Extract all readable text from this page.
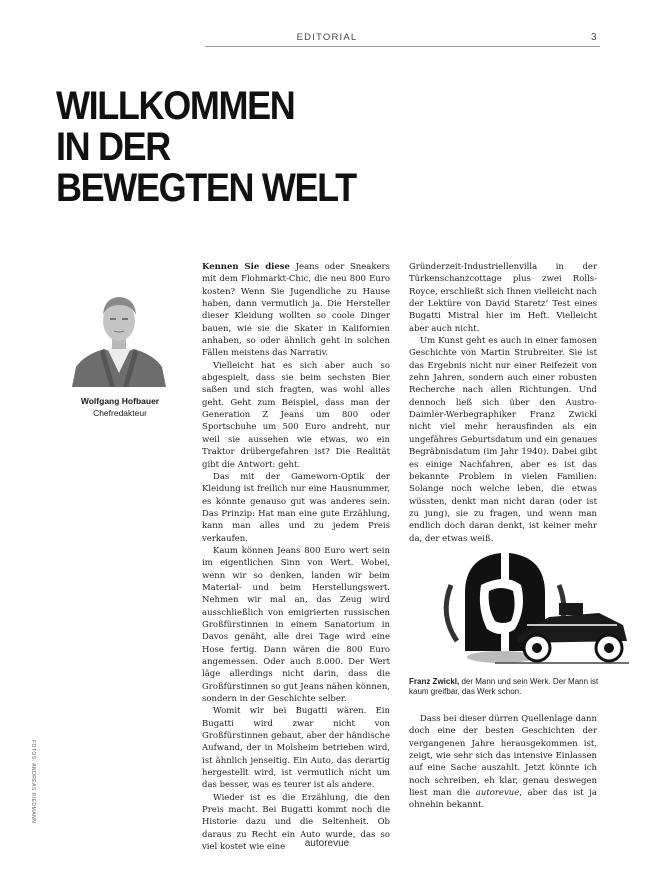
EDITORIAL	3
WILLKOMMEN
IN DER
BEWEGTEN WELT
Wolfgang Hofbauer
Chefredakteur

Kennen Sie diese Jeans oder Sneakers mit dem Flohmarkt-Chic, die neu 800 Euro kosten? Wenn Sie Jugendliche zu Hause haben, dann vermutlich ja. Die Hersteller dieser Kleidung wollten so coole Dinger bauen, wie sie die Skater in Kalifornien anhaben, so oder ähnlich geht in solchen Fällen meistens das Narrativ.

Vielleicht hat es sich aber auch so abgespielt, dass sie beim sechsten Bier saßen und sich fragten, was wohl alles geht. Geht zum Beispiel, dass man der Generation Z Jeans um 800 oder Sportschuhe um 500 Euro andreht, nur weil sie aussehen wie etwas, wo ein Traktor drübergefahren ist? Die Realität gibt die Antwort: geht.

Das mit der Gameworn-Optik der Kleidung ist freilich nur eine Hausnummer, es könnte genauso gut was anderes sein. Das Prinzip: Hat man eine gute Erzählung, kann man alles und zu jedem Preis verkaufen.

Kaum können Jeans 800 Euro wert sein im eigentlichen Sinn von Wert. Wobei, wenn wir so denken, landen wir beim Material- und beim Herstellungswert. Nehmen wir mal an, das Zeug wird ausschließlich von emigrierten russischen Großfürstinnen in einem Sanatorium in Davos genäht, alle drei Tage wird eine Hose fertig. Dann wären die 800 Euro angemessen. Oder auch 8.000. Der Wert läge allerdings nicht darin, dass die Großfürstinnen so gut Jeans nähen können, sondern in der Geschichte selber.

Womit wir bei Bugatti wären. Ein Bugatti wird zwar nicht von Großfürstinnen gebaut, aber der händische Aufwand, der in Molsheim betrieben wird, ist ähnlich jenseitig. Ein Auto, das derartig hergestellt wird, ist vermutlich nicht um das besser, was es teurer ist als andere.

Wieder ist es die Erzählung, die den Preis macht. Bei Bugatti kommt noch die Historie dazu und die Seltenheit. Ob daraus zu Recht ein Auto wurde, das so viel kostet wie eine

Gründerzeit-Industriellenvilla in der Türkenschanzcottage plus zwei Rolls-Royce, erschließt sich Ihnen vielleicht nach der Lektüre von David Staretz’ Test eines Bugatti Mistral hier im Heft. Vielleicht aber auch nicht.

Um Kunst geht es auch in einer famosen Geschichte von Martin Strubreiter. Sie ist das Ergebnis nicht nur einer Reifezeit von zehn Jahren, sondern auch einer robusten Recherche nach allen Richtungen. Und dennoch ließ sich über den Austro-Daimler-Werbegraphiker Franz Zwickl nicht viel mehr herausfinden als ein ungefähres Geburtsdatum und ein genaues Begräbnisdatum (im Jahr 1940). Dabei gibt es einige Nachfahren, aber es ist das bekannte Problem in vielen Familien: Solange noch welche leben, die etwas wüssten, denkt man nicht daran (oder ist zu jung), sie zu fragen, und wenn man endlich doch daran denkt, ist keiner mehr da, der etwas weiß.

Franz Zwickl, der Mann und sein Werk. Der Mann ist kaum greifbar, das Werk schon.

Dass bei dieser dürren Quellenlage dann doch eine der besten Geschichten der vergangenen Jahre herausgekommen ist, zeigt, wie sehr sich das intensive Einlassen auf eine Sache auszahlt. Jetzt könnte ich noch schreiben, eh klar, genau deswegen liest man die autorevue, aber das ist ja ohnehin bekannt.

FOTOS: ANDREAS RIEDMANN
autorevue
